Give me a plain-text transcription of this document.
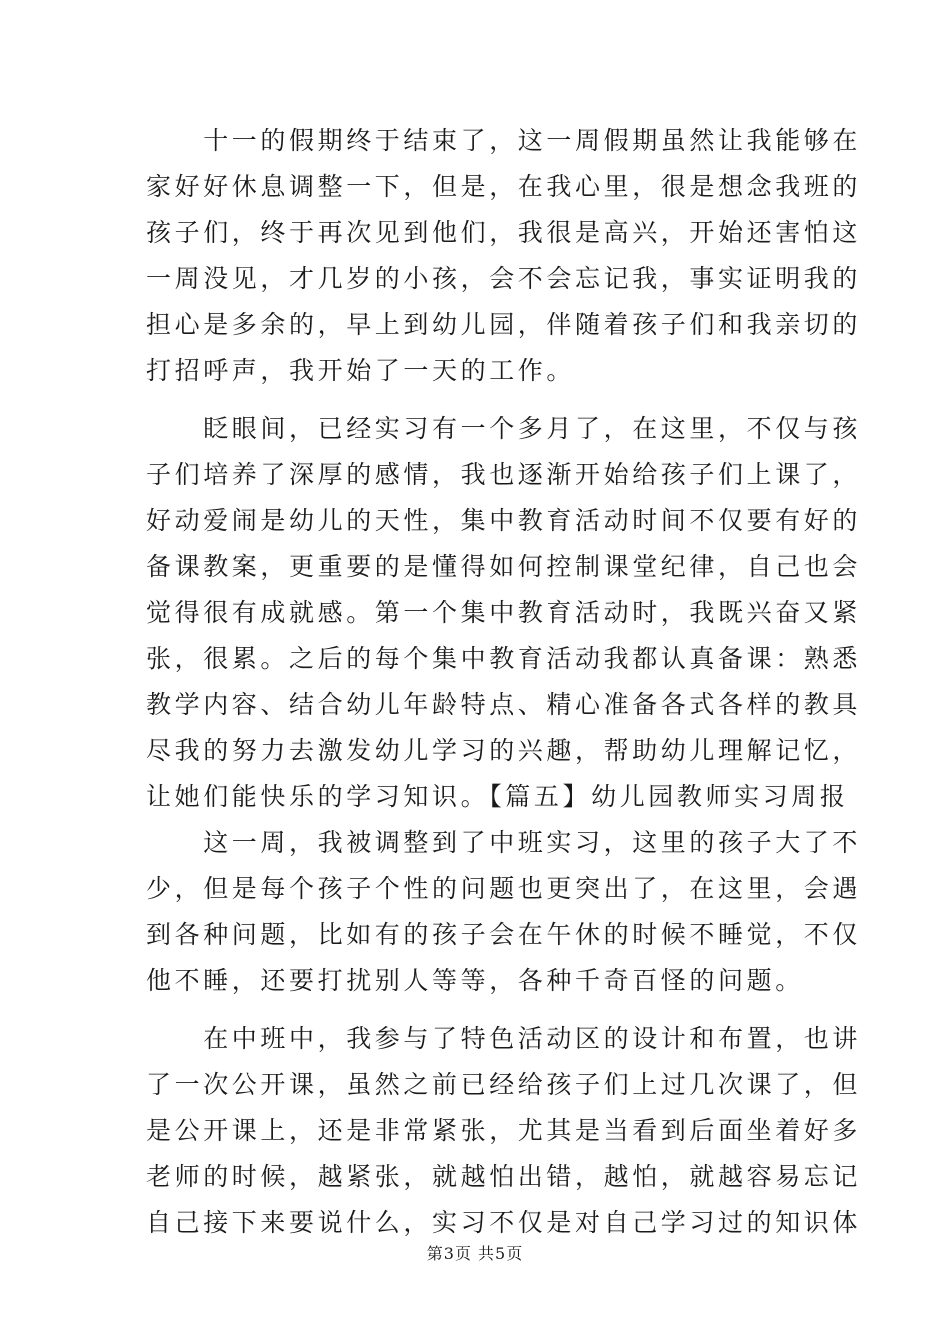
　　十一的假期终于结束了，这一周假期虽然让我能够在
家好好休息调整一下，但是，在我心里，很是想念我班的
孩子们，终于再次见到他们，我很是高兴，开始还害怕这
一周没见，才几岁的小孩，会不会忘记我，事实证明我的
担心是多余的，早上到幼儿园，伴随着孩子们和我亲切的
打招呼声，我开始了一天的工作。
　　眨眼间，已经实习有一个多月了，在这里，不仅与孩
子们培养了深厚的感情，我也逐渐开始给孩子们上课了，
好动爱闹是幼儿的天性，集中教育活动时间不仅要有好的
备课教案，更重要的是懂得如何控制课堂纪律，自己也会
觉得很有成就感。第一个集中教育活动时，我既兴奋又紧
张，很累。之后的每个集中教育活动我都认真备课：熟悉
教学内容、结合幼儿年龄特点、精心准备各式各样的教具
尽我的努力去激发幼儿学习的兴趣，帮助幼儿理解记忆，
让她们能快乐的学习知识。【篇五】幼儿园教师实习周报
　　这一周，我被调整到了中班实习，这里的孩子大了不
少，但是每个孩子个性的问题也更突出了，在这里，会遇
到各种问题，比如有的孩子会在午休的时候不睡觉，不仅
他不睡，还要打扰别人等等，各种千奇百怪的问题。
　　在中班中，我参与了特色活动区的设计和布置，也讲
了一次公开课，虽然之前已经给孩子们上过几次课了，但
是公开课上，还是非常紧张，尤其是当看到后面坐着好多
老师的时候，越紧张，就越怕出错，越怕，就越容易忘记
自己接下来要说什么，实习不仅是对自己学习过的知识体
第3页 共5页
